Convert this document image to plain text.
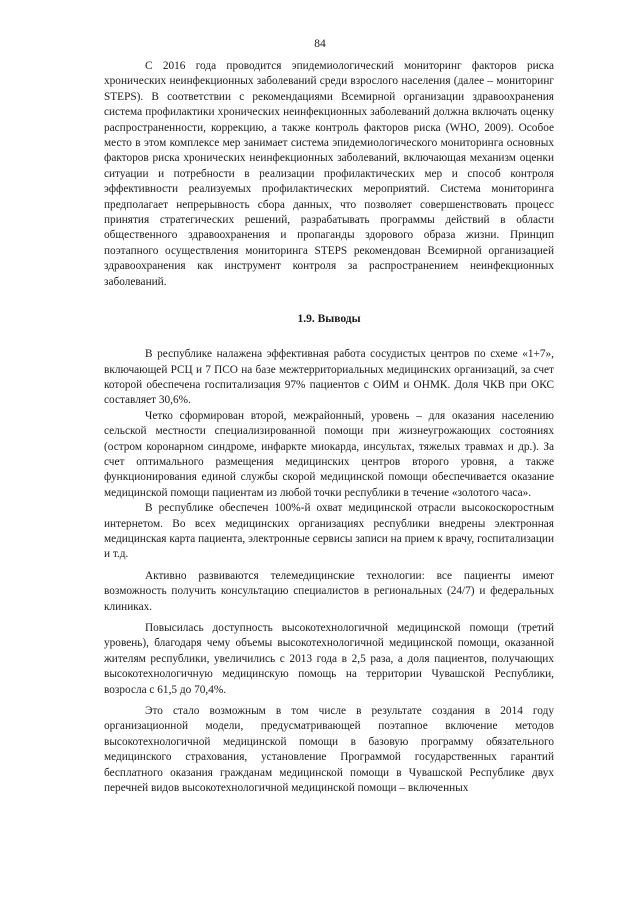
84

С 2016 года проводится эпидемиологический мониторинг факторов риска хронических неинфекционных заболеваний среди взрослого населения (далее – мониторинг STEPS). В соответствии с рекомендациями Всемирной организации здравоохранения система профилактики хронических неинфекционных заболеваний должна включать оценку распространенности, коррекцию, а также контроль факторов риска (WHO, 2009). Особое место в этом комплексе мер занимает система эпидемиологического мониторинга основных факторов риска хронических неинфекционных заболеваний, включающая механизм оценки ситуации и потребности в реализации профилактических мер и способ контроля эффективности реализуемых профилактических мероприятий. Система мониторинга предполагает непрерывность сбора данных, что позволяет совершенствовать процесс принятия стратегических решений, разрабатывать программы действий в области общественного здравоохранения и пропаганды здорового образа жизни. Принцип поэтапного осуществления мониторинга STEPS рекомендован Всемирной организацией здравоохранения как инструмент контроля за распространением неинфекционных заболеваний.

1.9. Выводы

В республике налажена эффективная работа сосудистых центров по схеме «1+7», включающей РСЦ и 7 ПСО на базе межтерриториальных медицинских организаций, за счет которой обеспечена госпитализация 97% пациентов с ОИМ и ОНМК. Доля ЧКВ при ОКС составляет 30,6%.

Четко сформирован второй, межрайонный, уровень – для оказания населению сельской местности специализированной помощи при жизнеугрожающих состояниях (остром коронарном синдроме, инфаркте миокарда, инсультах, тяжелых травмах и др.). За счет оптимального размещения медицинских центров второго уровня, а также функционирования единой службы скорой медицинской помощи обеспечивается оказание медицинской помощи пациентам из любой точки республики в течение «золотого часа».

В республике обеспечен 100%-й охват медицинской отрасли высокоскоростным интернетом. Во всех медицинских организациях республики внедрены электронная медицинская карта пациента, электронные сервисы записи на прием к врачу, госпитализации и т.д.

Активно развиваются телемедицинские технологии: все пациенты имеют возможность получить консультацию специалистов в региональных (24/7) и федеральных клиниках.

Повысилась доступность высокотехнологичной медицинской помощи (третий уровень), благодаря чему объемы высокотехнологичной медицинской помощи, оказанной жителям республики, увеличились с 2013 года в 2,5 раза, а доля пациентов, получающих высокотехнологичную медицинскую помощь на территории Чувашской Республики, возросла с 61,5 до 70,4%.

Это стало возможным в том числе в результате создания в 2014 году организационной модели, предусматривающей поэтапное включение методов высокотехнологичной медицинской помощи в базовую программу обязательного медицинского страхования, установление Программой государственных гарантий бесплатного оказания гражданам медицинской помощи в Чувашской Республике двух перечней видов высокотехнологичной медицинской помощи – включенных
